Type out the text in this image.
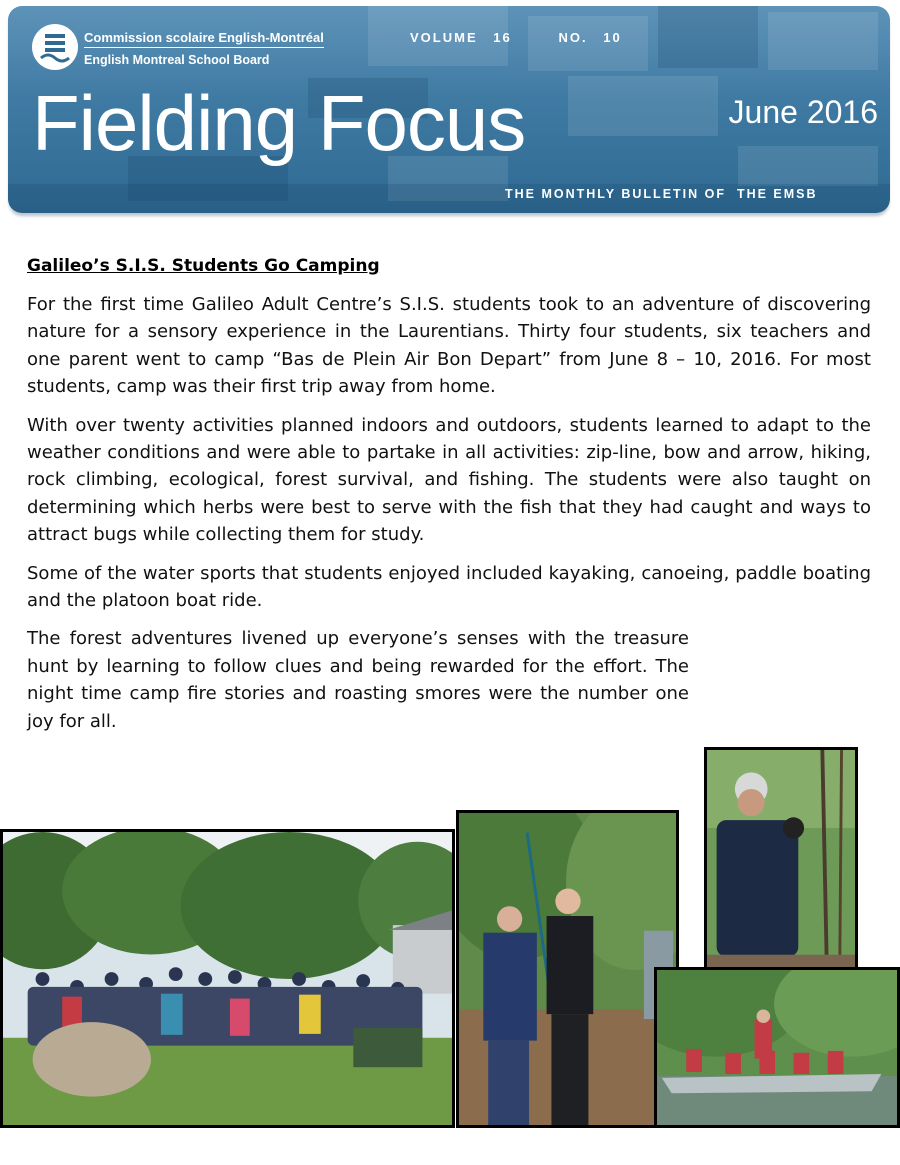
Commission scolaire English-Montréal
English Montreal School Board
VOLUME 16   NO. 10
Fielding Focus	June 2016
THE MONTHLY BULLETIN OF  THE EMSB
Galileo’s S.I.S. Students Go Camping

For the first time Galileo Adult Centre’s S.I.S. students took to an adventure of discovering nature for a sensory experience in the Laurentians. Thirty four students, six teachers and one parent went to camp “Bas de Plein Air Bon Depart” from June 8 – 10, 2016. For most students, camp was their first trip away from home.

With over twenty activities planned indoors and outdoors, students learned to adapt to the weather conditions and were able to partake in all activities: zip-line, bow and arrow, hiking, rock climbing, ecological, forest survival, and fishing. The students were also taught on determining which herbs were best to serve with the fish that they had caught and ways to attract bugs while collecting them for study.

Some of the water sports that students enjoyed included kayaking, canoeing, paddle boating and the platoon boat ride.

The forest adventures livened up everyone’s senses with the treasure hunt by learning to follow clues and being rewarded for the effort. The night time camp fire stories and roasting smores were the number one joy for all.
